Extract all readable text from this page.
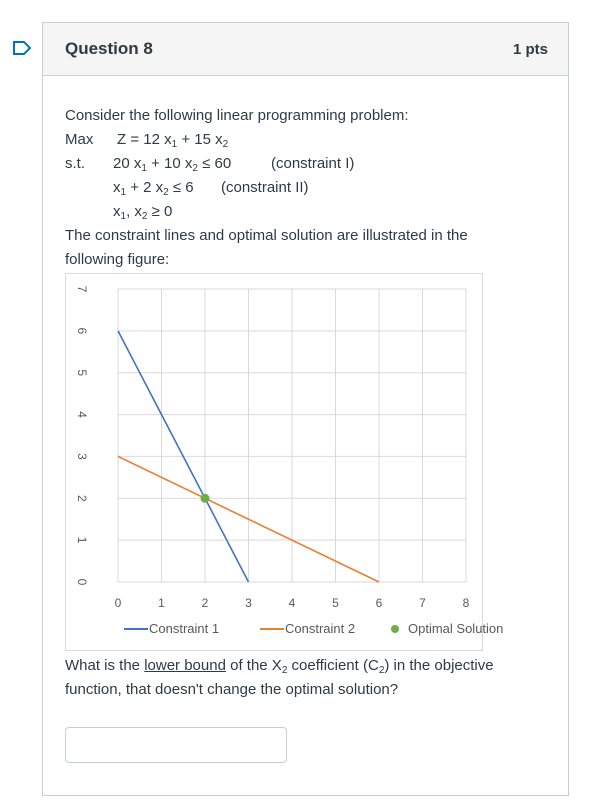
Question 8	1 pts
Consider the following linear programming problem:
Max Z = 12 $x_1 + 15$ $x_2$
s.t. 20 $x_1 + 10$ $x_2 \le 60$	(constraint I)
$x_1 + 2$ $x_2 \le 6$ (constraint II)
$x_1$, $x_2 \ge 0$
The constraint lines and optimal solution are illustrated in the
following figure:
0	1	2	3	4	5	6	7	8
0
1
2
3
4
5
6
7
Constraint 1	Constraint 2	Optimal Solution
What is the lower bound of the $X_2$ coefficient $(C_2)$ in the objective
function, that doesn't change the optimal solution?
